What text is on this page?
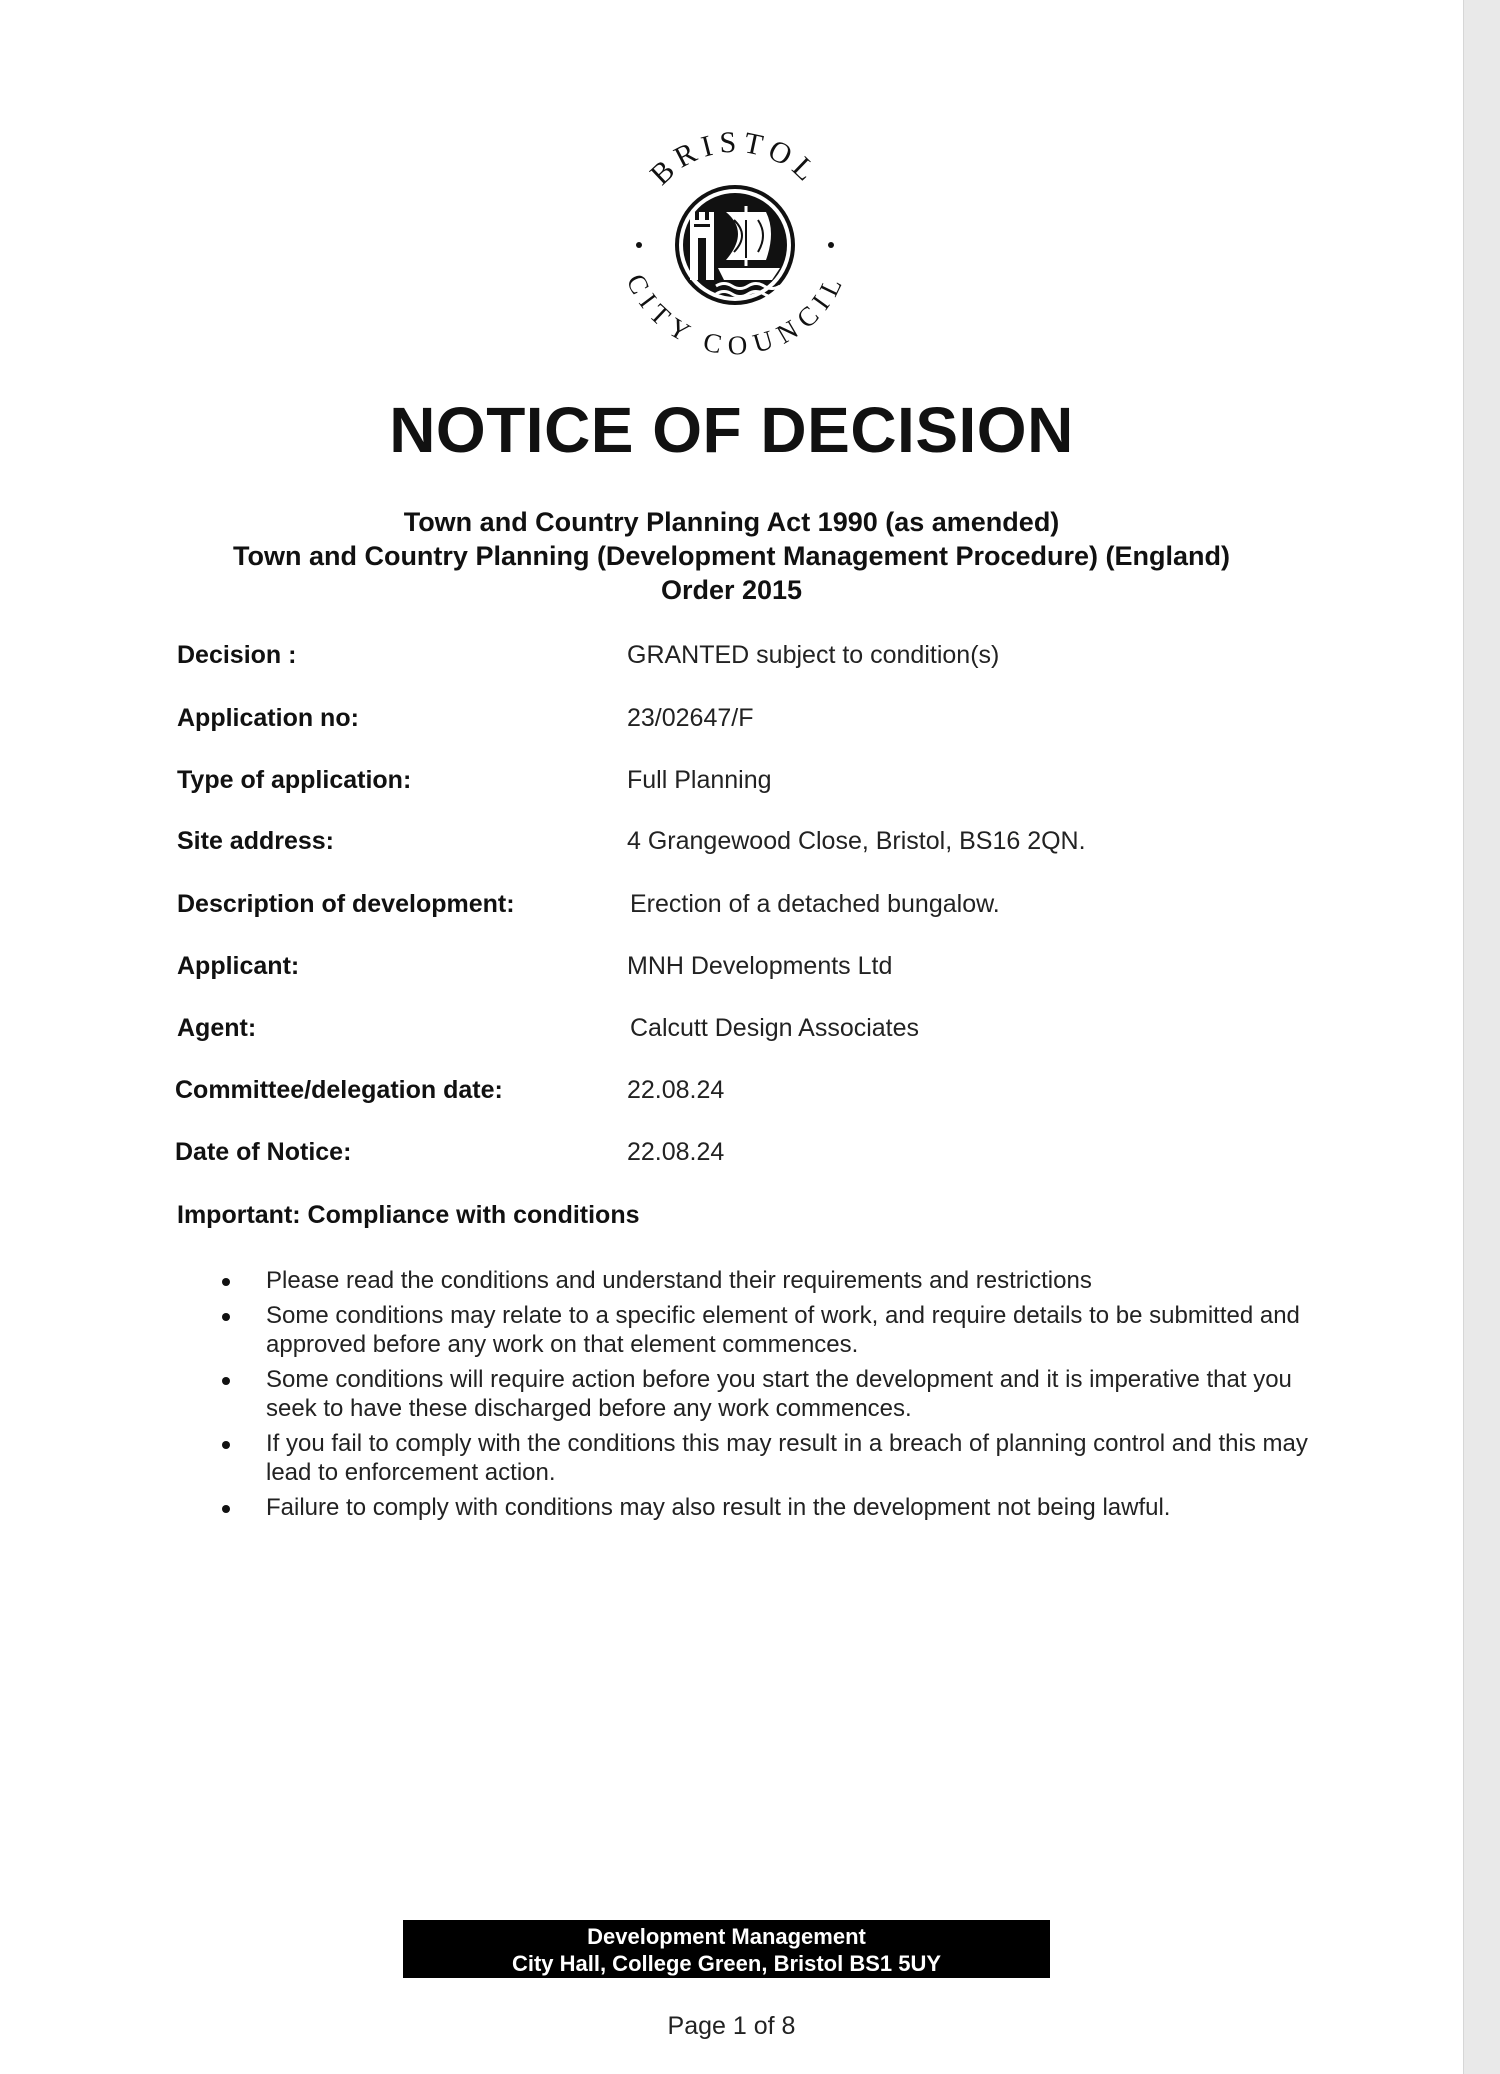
BRISTOL
CITY COUNCIL
NOTICE OF DECISION
Town and Country Planning Act 1990 (as amended)
Town and Country Planning (Development Management Procedure) (England)
Order 2015
Decision :	GRANTED subject to condition(s)
Application no:	23/02647/F
Type of application:	Full Planning
Site address:	4 Grangewood Close, Bristol, BS16 2QN.
Description of development:	Erection of a detached bungalow.
Applicant:	MNH Developments Ltd
Agent:	Calcutt Design Associates
Committee/delegation date:	22.08.24
Date of Notice:	22.08.24
Important: Compliance with conditions
Please read the conditions and understand their requirements and restrictions
Some conditions may relate to a specific element of work, and require details to be submitted and approved before any work on that element commences.
Some conditions will require action before you start the development and it is imperative that you seek to have these discharged before any work commences.
If you fail to comply with the conditions this may result in a breach of planning control and this may lead to enforcement action.
Failure to comply with conditions may also result in the development not being lawful.
Development Management
City Hall, College Green, Bristol BS1 5UY
Page 1 of 8
